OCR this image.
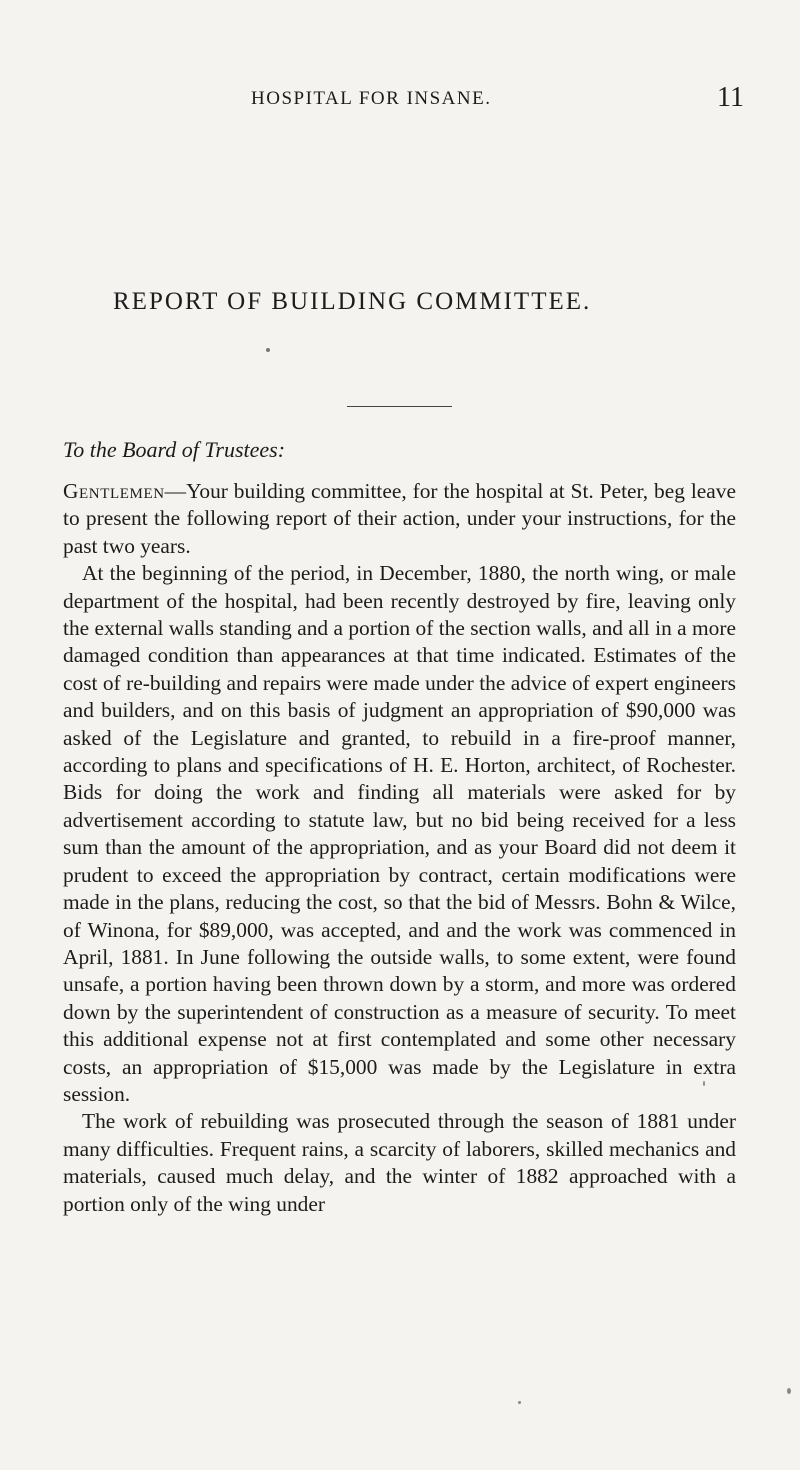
HOSPITAL FOR INSANE.	11
REPORT OF BUILDING COMMITTEE.
To the Board of Trustees:

Gentlemen—Your building committee, for the hospital at St. Peter, beg leave to present the following report of their action, under your instructions, for the past two years.

At the beginning of the period, in December, 1880, the north wing, or male department of the hospital, had been recently destroyed by fire, leaving only the external walls standing and a portion of the section walls, and all in a more damaged condition than appearances at that time indicated. Estimates of the cost of re-building and repairs were made under the advice of expert engineers and builders, and on this basis of judgment an appropriation of $90,000 was asked of the Legislature and granted, to rebuild in a fire-proof manner, according to plans and specifications of H. E. Horton, architect, of Rochester. Bids for doing the work and finding all materials were asked for by advertisement according to statute law, but no bid being received for a less sum than the amount of the appropriation, and as your Board did not deem it prudent to exceed the appropriation by contract, certain modifications were made in the plans, reducing the cost, so that the bid of Messrs. Bohn & Wilce, of Winona, for $89,000, was accepted, and and the work was commenced in April, 1881. In June following the outside walls, to some extent, were found unsafe, a portion having been thrown down by a storm, and more was ordered down by the superintendent of construction as a measure of security. To meet this additional expense not at first contemplated and some other necessary costs, an appropriation of $15,000 was made by the Legislature in extra session.

The work of rebuilding was prosecuted through the season of 1881 under many difficulties. Frequent rains, a scarcity of laborers, skilled mechanics and materials, caused much delay, and the winter of 1882 approached with a portion only of the wing under
